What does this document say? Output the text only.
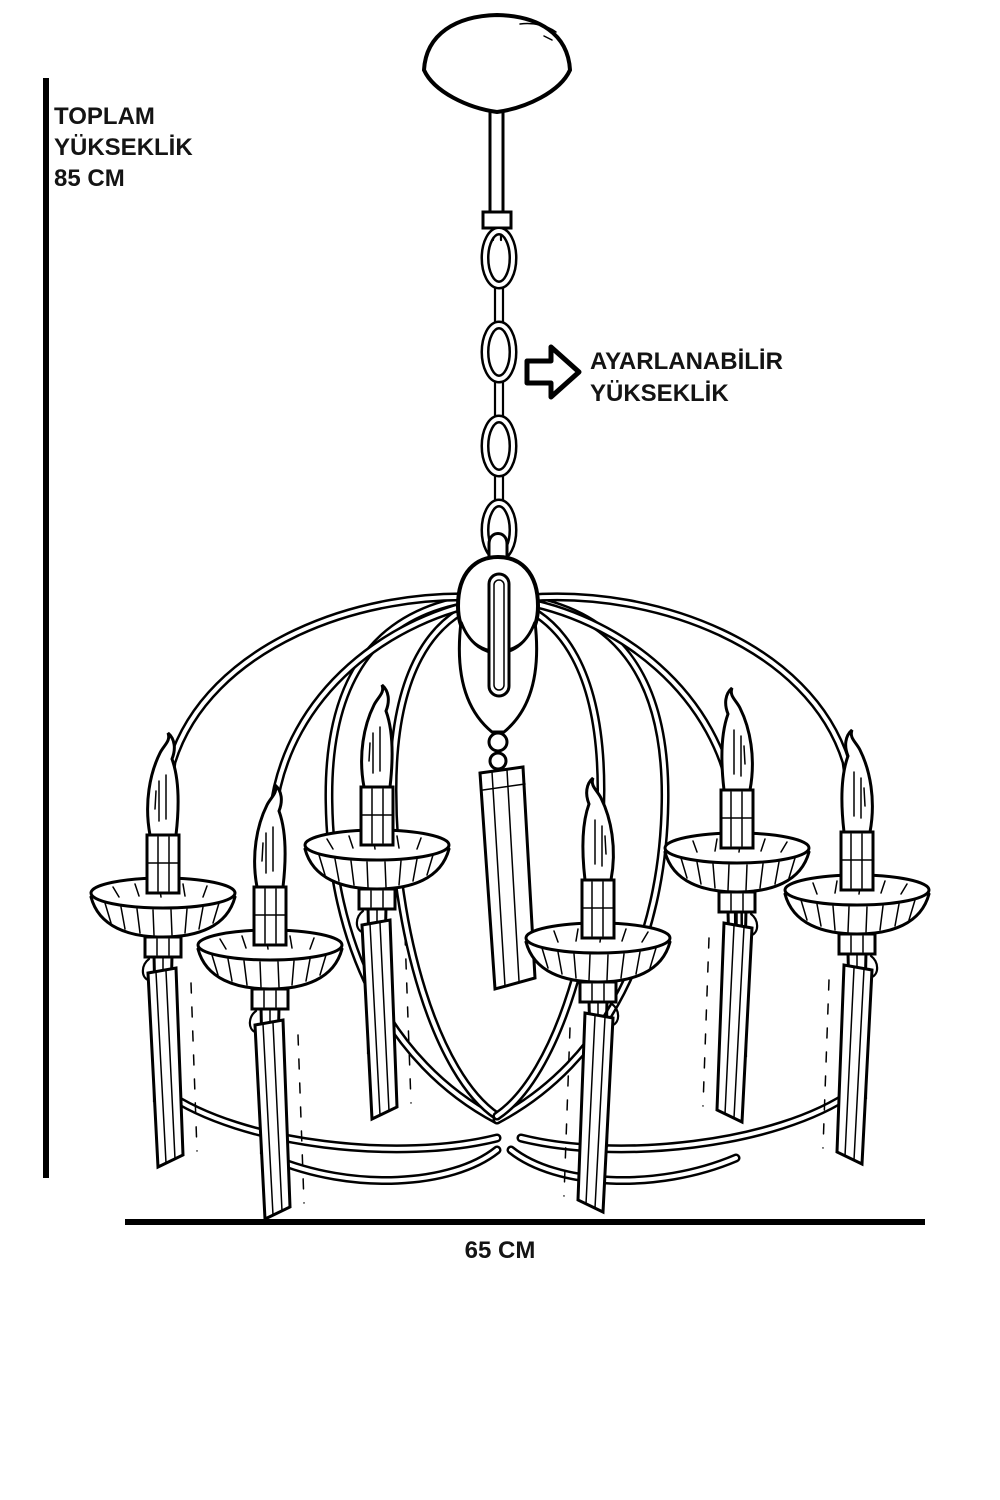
TOPLAM
YÜKSEKLİK
85 CM
65 CM
AYARLANABİLİR
YÜKSEKLİK
